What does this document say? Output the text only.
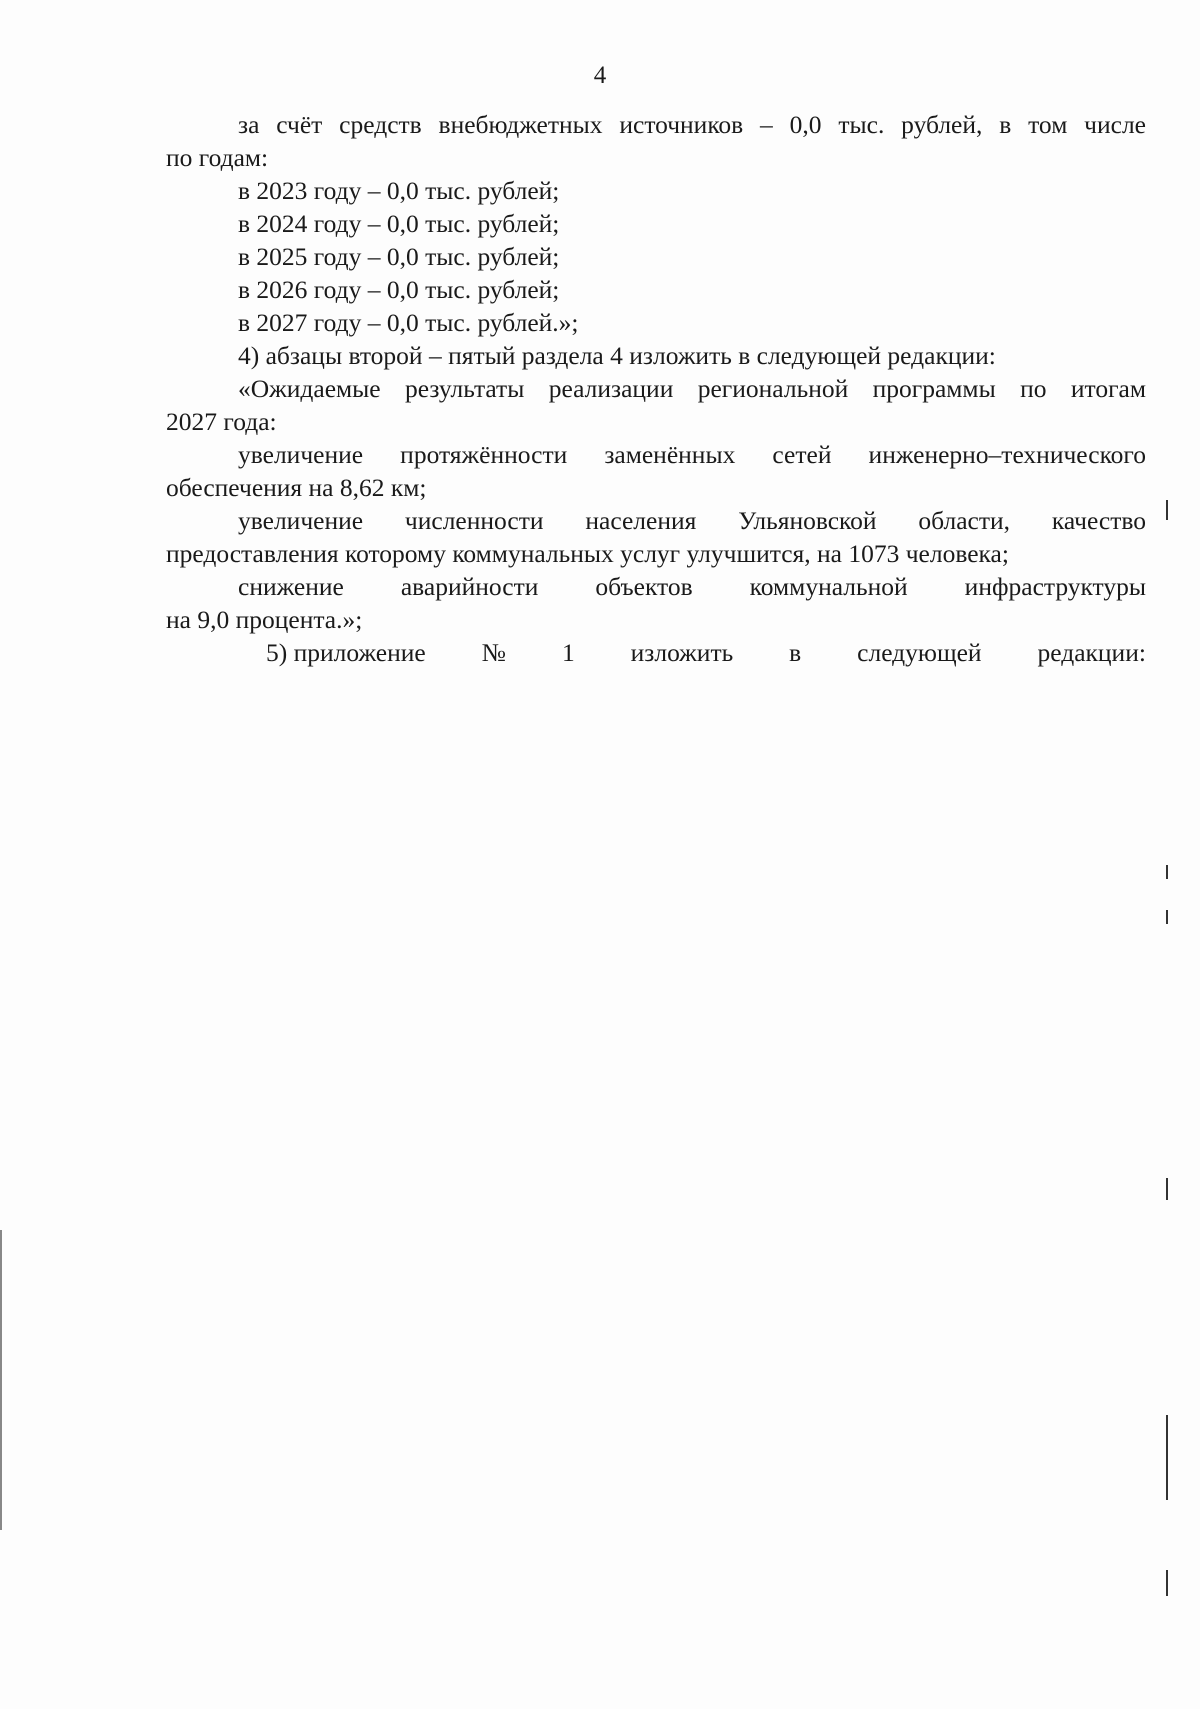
4
за счёт средств внебюджетных источников – 0,0 тыс. рублей, в том числе
по годам:
в 2023 году – 0,0 тыс. рублей;
в 2024 году – 0,0 тыс. рублей;
в 2025 году – 0,0 тыс. рублей;
в 2026 году – 0,0 тыс. рублей;
в 2027 году – 0,0 тыс. рублей.»;
4) абзацы второй – пятый раздела 4 изложить в следующей редакции:
«Ожидаемые результаты реализации региональной программы по итогам
2027 года:
увеличение протяжённости заменённых сетей инженерно–технического
обеспечения на 8,62 км;
увеличение численности населения Ульяновской области, качество
предоставления которому коммунальных услуг улучшится, на 1073 человека;
снижение аварийности объектов коммунальной инфраструктуры
на 9,0 процента.»;
5) приложение № 1 изложить в следующей редакции:
